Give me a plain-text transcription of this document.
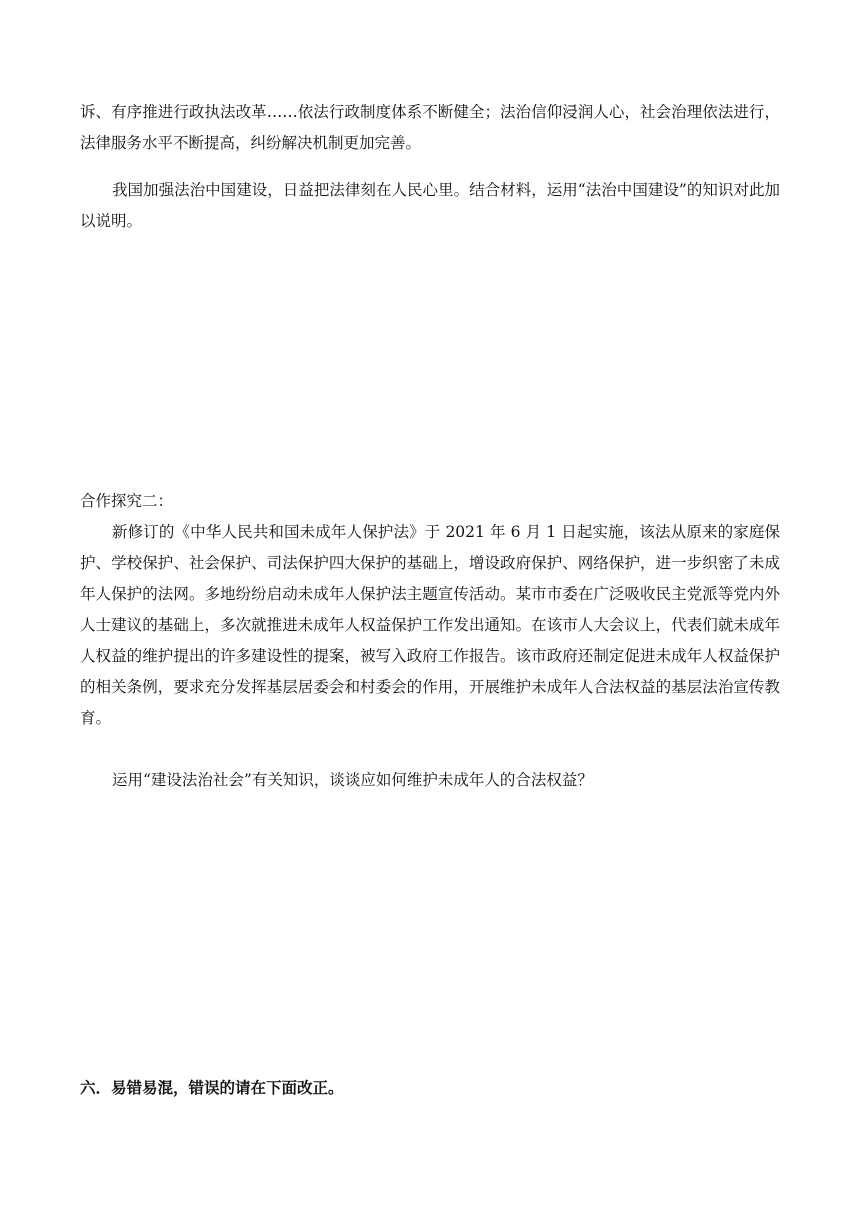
诉、有序推进行政执法改革……依法行政制度体系不断健全；法治信仰浸润人心，社会治理依法进行，法律服务水平不断提高，纠纷解决机制更加完善。

我国加强法治中国建设，日益把法律刻在人民心里。结合材料，运用“法治中国建设”的知识对此加以说明。

合作探究二：

新修订的《中华人民共和国未成年人保护法》于 2021 年 6 月 1 日起实施，该法从原来的家庭保护、学校保护、社会保护、司法保护四大保护的基础上，增设政府保护、网络保护，进一步织密了未成年人保护的法网。多地纷纷启动未成年人保护法主题宣传活动。某市市委在广泛吸收民主党派等党内外人士建议的基础上，多次就推进未成年人权益保护工作发出通知。在该市人大会议上，代表们就未成年人权益的维护提出的许多建设性的提案，被写入政府工作报告。该市政府还制定促进未成年人权益保护的相关条例，要求充分发挥基层居委会和村委会的作用，开展维护未成年人合法权益的基层法治宣传教育。

运用“建设法治社会”有关知识，谈谈应如何维护未成年人的合法权益？

六．易错易混，错误的请在下面改正。
